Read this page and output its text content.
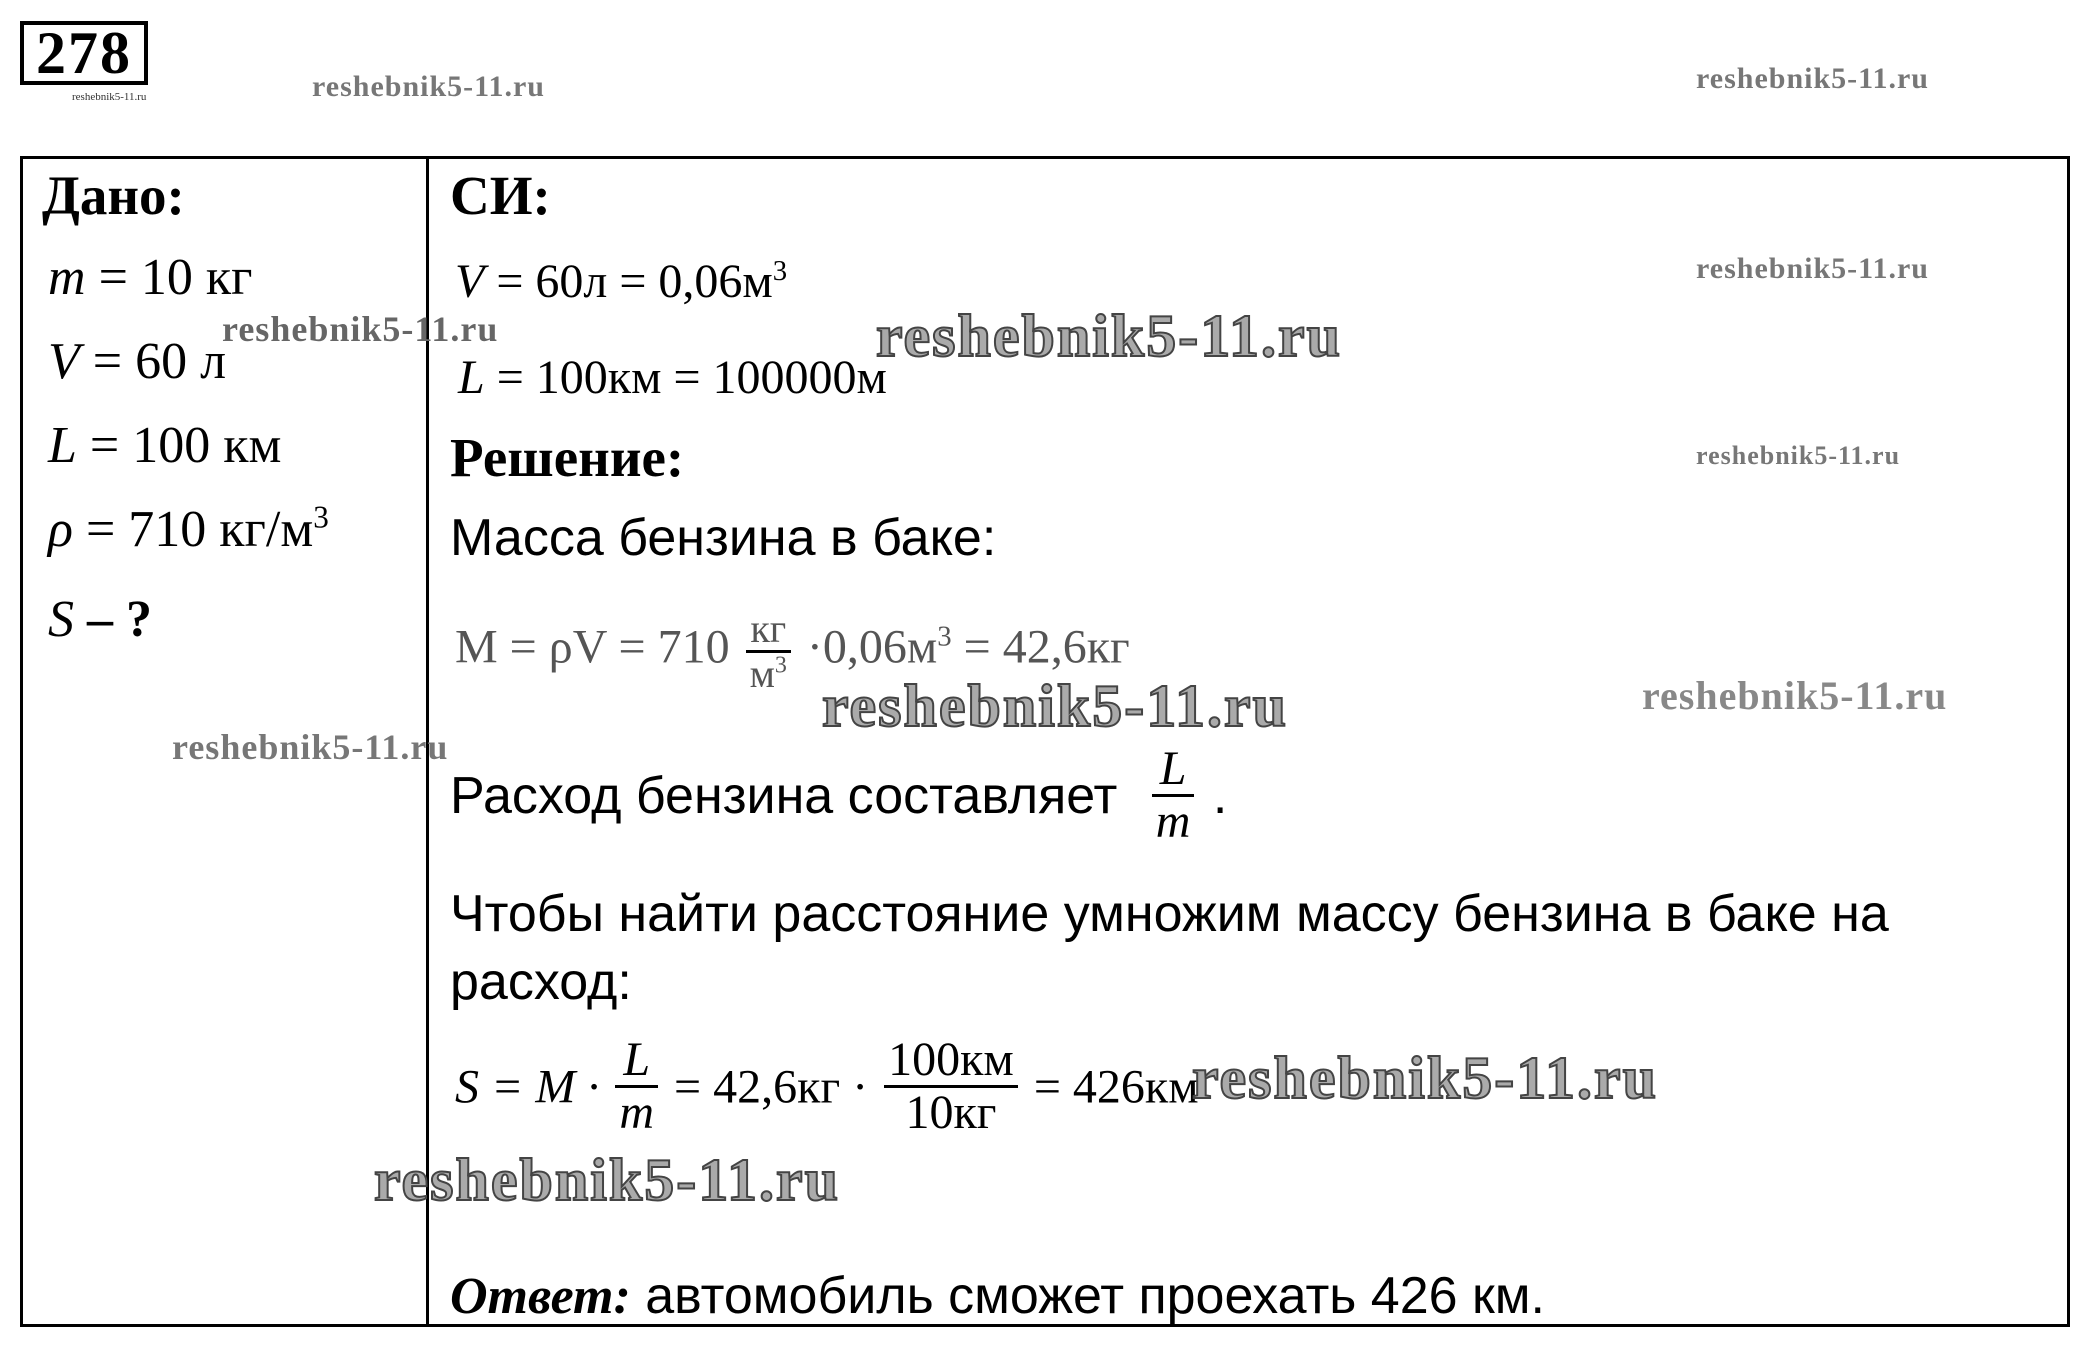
278
reshebnik5-11.ru	reshebnik5-11.ru	reshebnik5-11.ru
reshebnik5-11.ru
reshebnik5-11.ru
Дано:
m = 10 кг
V = 60 л
L = 100 км
ρ = 710 $кг/м^3$
S – ?
СИ:
$V = 60л = 0,06м^3$
L = 100км = 100000м
Решение:
Масса бензина в баке:
$M = \rho V = 710 \frac{кг}{м^3} \cdot 0,06м^3 = 42,6кг$
Расход бензина составляет $\frac{L}{m}$ .
Чтобы найти расстояние умножим массу бензина в баке на
расход:
$S = M \cdot \frac{L}{m} = 42,6кг \cdot \frac{100км}{10кг} = 426км$
Ответ: автомобиль сможет проехать 426 км.
reshebnik5-11.ru	reshebnik5-11.ru
reshebnik5-11.ru	reshebnik5-11.ru
reshebnik5-11.ru
reshebnik5-11.ru
reshebnik5-11.ru
